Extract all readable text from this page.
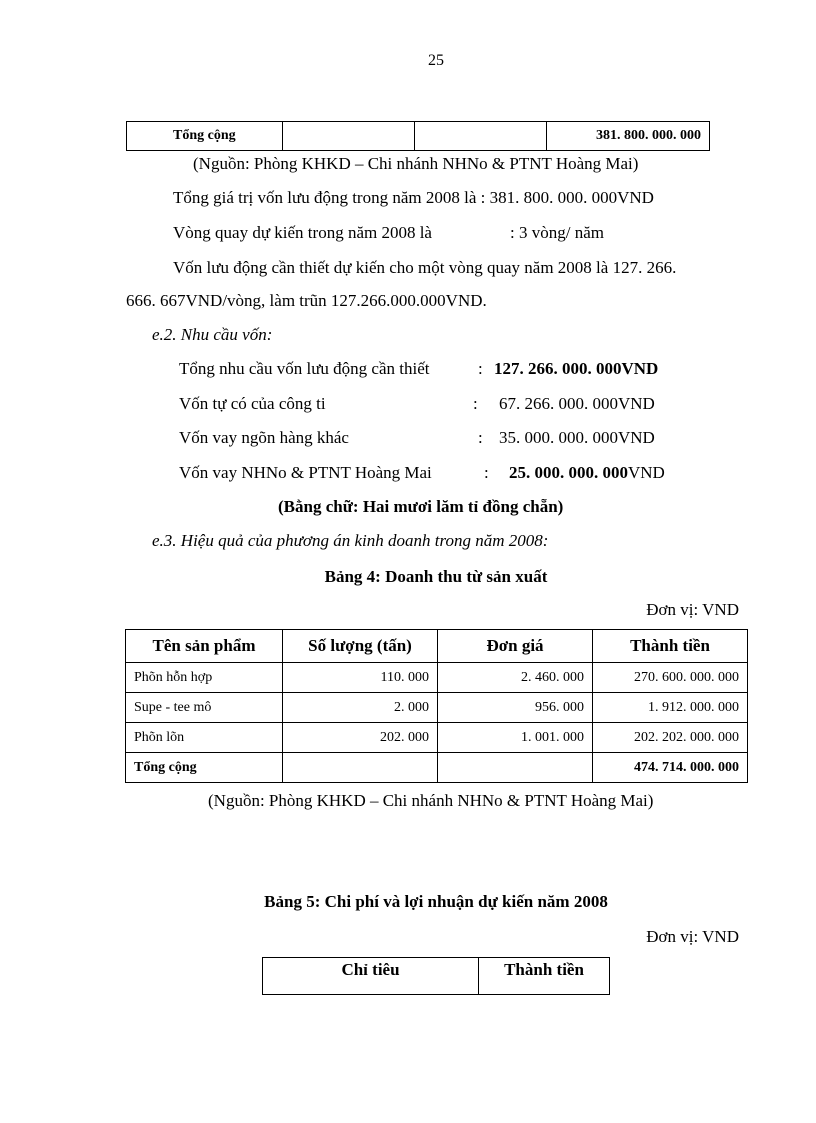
25
Tổng cộng			381. 800. 000. 000

(Nguồn: Phòng KHKD – Chi nhánh NHNo & PTNT Hoàng Mai)

Tổng giá trị vốn lưu động trong năm 2008 là : 381. 800. 000. 000VND

Vòng quay dự kiến trong năm 2008 là	: 3 vòng/ năm

Vốn lưu động cần thiết dự kiến cho một vòng quay năm 2008 là 127. 266.

666. 667VND/vòng, làm trũn 127.266.000.000VND.

e.2. Nhu cầu vốn:

Tổng nhu cầu vốn lưu động cần thiết	: 127. 266. 000. 000VND

Vốn tự có của công ti	: 67. 266. 000. 000VND

Vốn vay ngõn hàng khác	: 35. 000. 000. 000VND

Vốn vay NHNo & PTNT Hoàng Mai	: 25. 000. 000. 000VND

(Bằng chữ: Hai mươi lăm tỉ đồng chẵn)

e.3. Hiệu quả của phương án kinh doanh trong năm 2008:

Bảng 4: Doanh thu từ sản xuất

Đơn vị: VND

Tên sản phẩm	Số lượng (tấn)	Đơn giá	Thành tiền
Phõn hỗn hợp	110. 000	2. 460. 000	270. 600. 000. 000
Supe - tee mô	2. 000	956. 000	1. 912. 000. 000
Phõn lõn	202. 000	1. 001. 000	202. 202. 000. 000
Tổng cộng			474. 714. 000. 000

(Nguồn: Phòng KHKD – Chi nhánh NHNo & PTNT Hoàng Mai)

Bảng 5: Chi phí và lợi nhuận dự kiến năm 2008

Đơn vị: VND

Chỉ tiêu	Thành tiền
